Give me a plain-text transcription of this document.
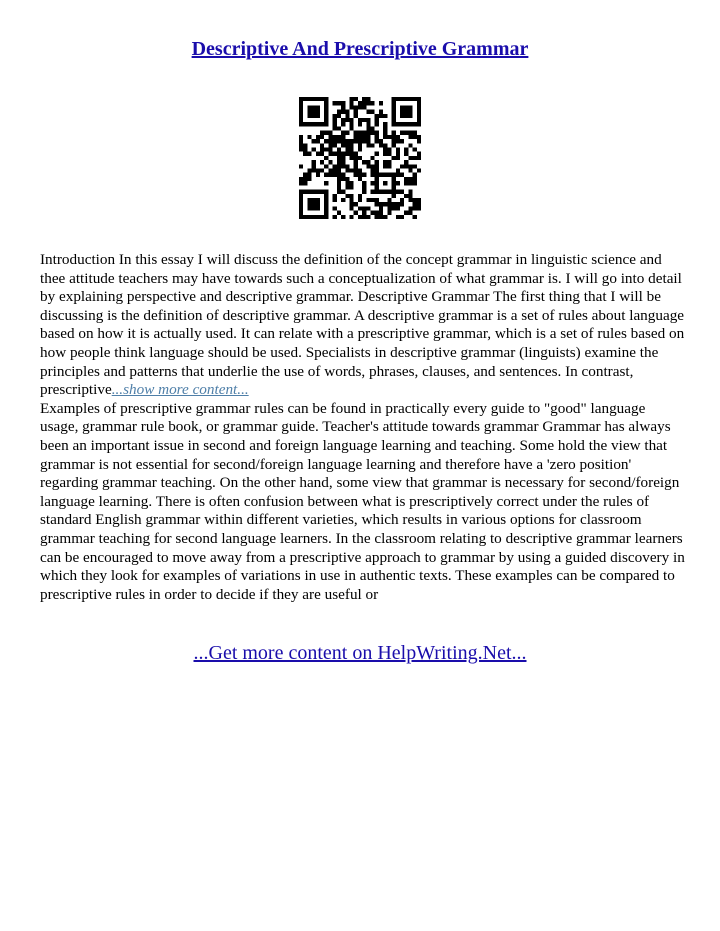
Descriptive And Prescriptive Grammar
Introduction In this essay I will discuss the definition of the concept grammar in linguistic science and thee attitude teachers may have towards such a conceptualization of what grammar is. I will go into detail by explaining perspective and descriptive grammar. Descriptive Grammar The first thing that I will be discussing is the definition of descriptive grammar. A descriptive grammar is a set of rules about language based on how it is actually used. It can relate with a prescriptive grammar, which is a set of rules based on how people think language should be used. Specialists in descriptive grammar (linguists) examine the principles and patterns that underlie the use of words, phrases, clauses, and sentences. In contrast, prescriptive...show more content...
Examples of prescriptive grammar rules can be found in practically every guide to "good" language usage, grammar rule book, or grammar guide. Teacher's attitude towards grammar Grammar has always been an important issue in second and foreign language learning and teaching. Some hold the view that grammar is not essential for second/foreign language learning and therefore have a 'zero position' regarding grammar teaching. On the other hand, some view that grammar is necessary for second/foreign language learning. There is often confusion between what is prescriptively correct under the rules of standard English grammar within different varieties, which results in various options for classroom grammar teaching for second language learners. In the classroom relating to descriptive grammar learners can be encouraged to move away from a prescriptive approach to grammar by using a guided discovery in which they look for examples of variations in use in authentic texts. These examples can be compared to prescriptive rules in order to decide if they are useful or
...Get more content on HelpWriting.Net...
